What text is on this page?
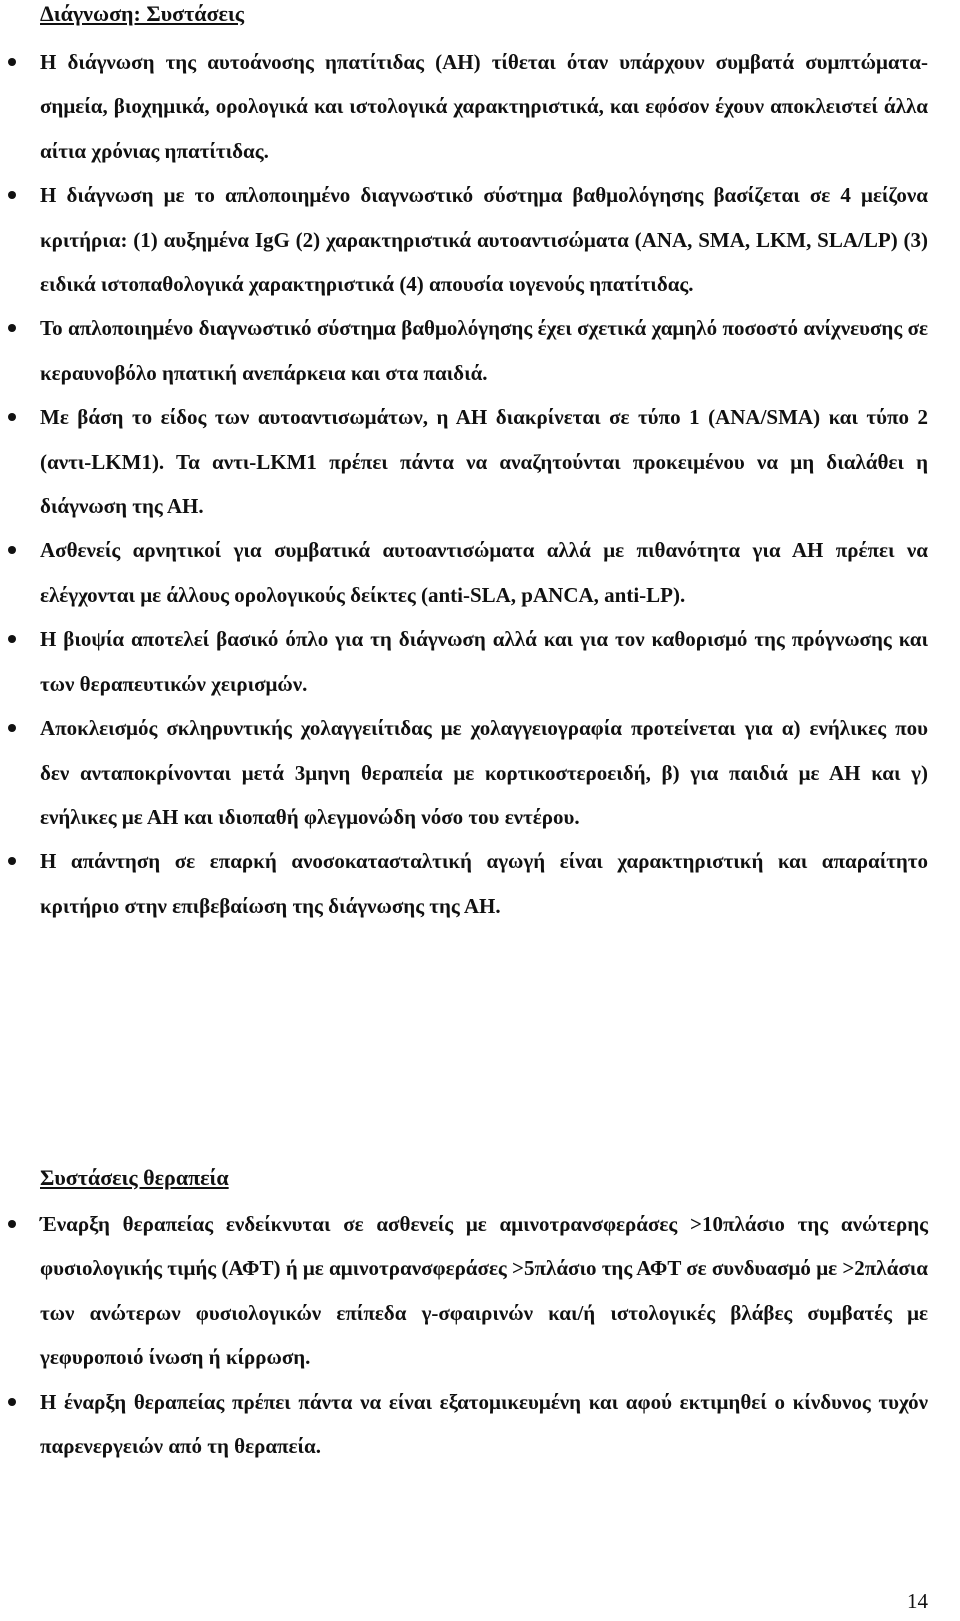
Διάγνωση: Συστάσεις
Η διάγνωση της αυτοάνοσης ηπατίτιδας (ΑΗ) τίθεται όταν υπάρχουν συμβατά συμπτώματα-σημεία, βιοχημικά, ορολογικά και ιστολογικά χαρακτηριστικά, και εφόσον έχουν αποκλειστεί άλλα αίτια χρόνιας ηπατίτιδας.
Η διάγνωση με το απλοποιημένο διαγνωστικό σύστημα βαθμολόγησης βασίζεται σε 4 μείζονα κριτήρια: (1) αυξημένα IgG (2) χαρακτηριστικά αυτοαντισώματα (ANA, SMA, LKM, SLA/LP) (3) ειδικά ιστοπαθολογικά χαρακτηριστικά (4) απουσία ιογενούς ηπατίτιδας.
Το απλοποιημένο διαγνωστικό σύστημα βαθμολόγησης έχει σχετικά χαμηλό ποσοστό ανίχνευσης σε κεραυνοβόλο ηπατική ανεπάρκεια και στα παιδιά.
Με βάση το είδος των αυτοαντισωμάτων, η ΑΗ διακρίνεται σε τύπο 1 (ANA/SMA) και τύπο 2 (αντι-LKM1). Τα αντι-LKM1 πρέπει πάντα να αναζητούνται προκειμένου να μη διαλάθει η διάγνωση της ΑΗ.
Ασθενείς αρνητικοί για συμβατικά αυτοαντισώματα αλλά με πιθανότητα για ΑΗ πρέπει να ελέγχονται με άλλους ορολογικούς δείκτες (anti-SLA, pANCA, anti-LP).
Η βιοψία αποτελεί βασικό όπλο για τη διάγνωση αλλά και για τον καθορισμό της πρόγνωσης και των θεραπευτικών χειρισμών.
Αποκλεισμός σκληρυντικής χολαγγειίτιδας με χολαγγειογραφία προτείνεται για α) ενήλικες που δεν ανταποκρίνονται μετά 3μηνη θεραπεία με κορτικοστεροειδή, β) για παιδιά με ΑΗ και γ) ενήλικες με ΑΗ και ιδιοπαθή φλεγμονώδη νόσο του εντέρου.
Η απάντηση σε επαρκή ανοσοκατασταλτική αγωγή είναι χαρακτηριστική και απαραίτητο κριτήριο στην επιβεβαίωση της διάγνωσης της ΑΗ.
Συστάσεις θεραπεία
Έναρξη θεραπείας ενδείκνυται σε ασθενείς με αμινοτρανσφεράσες >10πλάσιο της ανώτερης φυσιολογικής τιμής (ΑΦΤ) ή με αμινοτρανσφεράσες >5πλάσιο της ΑΦΤ σε συνδυασμό με >2πλάσια των ανώτερων φυσιολογικών επίπεδα γ-σφαιρινών και/ή ιστολογικές βλάβες συμβατές με γεφυροποιό ίνωση ή κίρρωση.
Η έναρξη θεραπείας πρέπει πάντα να είναι εξατομικευμένη και αφού εκτιμηθεί ο κίνδυνος τυχόν παρενεργειών από τη θεραπεία.
14
